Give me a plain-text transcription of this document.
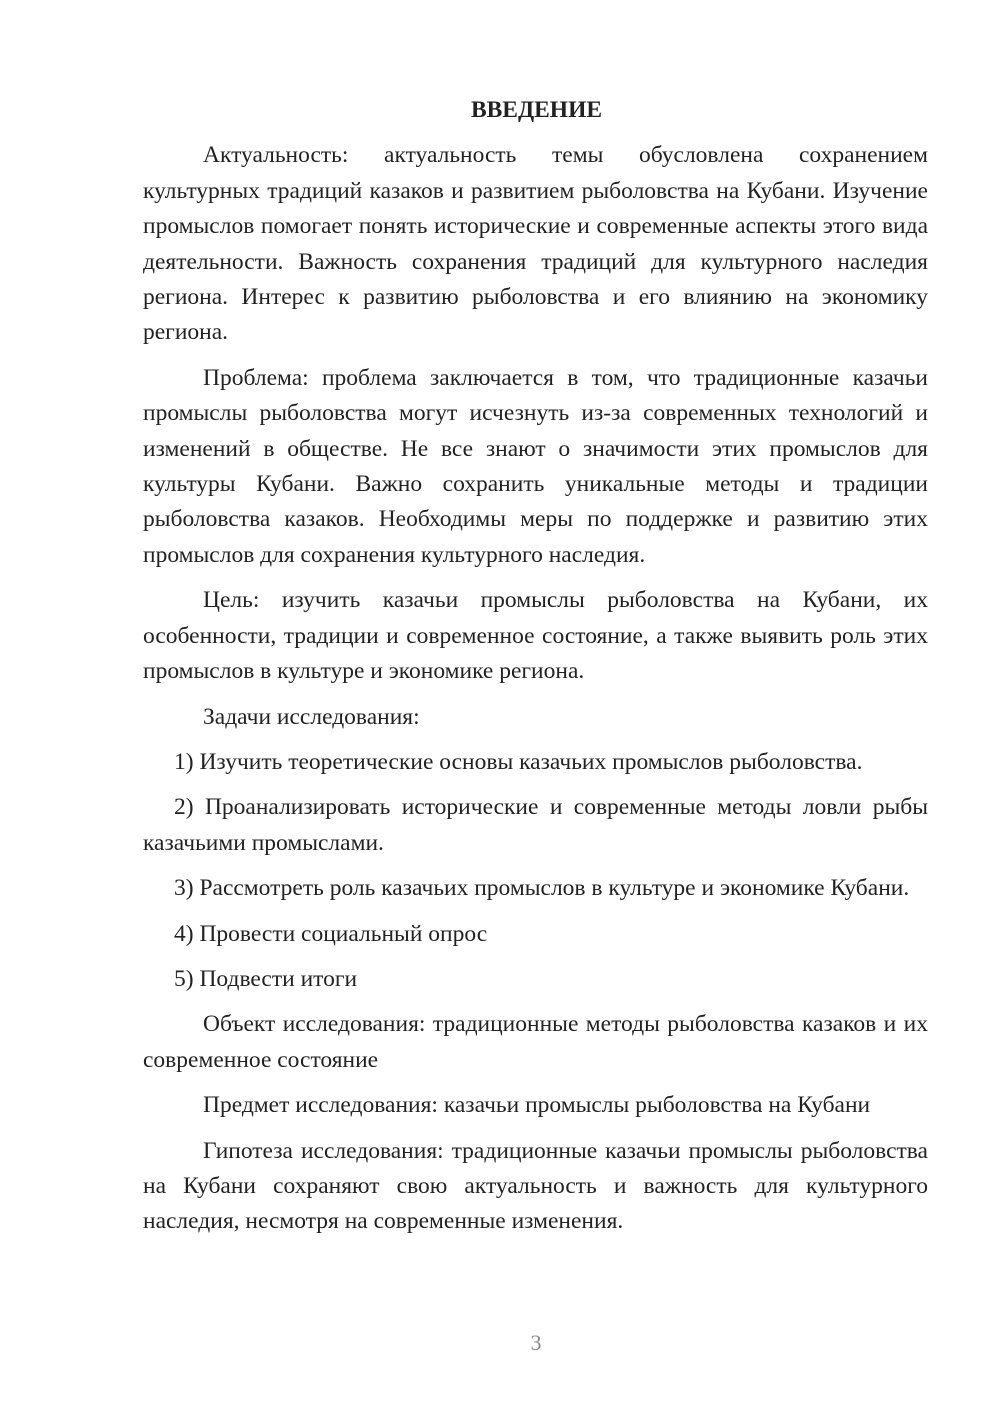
ВВЕДЕНИЕ

Актуальность: актуальность темы обусловлена сохранением культурных традиций казаков и развитием рыболовства на Кубани. Изучение промыслов помогает понять исторические и современные аспекты этого вида деятельности. Важность сохранения традиций для культурного наследия региона. Интерес к развитию рыболовства и его влиянию на экономику региона.

Проблема: проблема заключается в том, что традиционные казачьи промыслы рыболовства могут исчезнуть из-за современных технологий и изменений в обществе. Не все знают о значимости этих промыслов для культуры Кубани. Важно сохранить уникальные методы и традиции рыболовства казаков. Необходимы меры по поддержке и развитию этих промыслов для сохранения культурного наследия.

Цель: изучить казачьи промыслы рыболовства на Кубани, их особенности, традиции и современное состояние, а также выявить роль этих промыслов в культуре и экономике региона.

Задачи исследования:

1) Изучить теоретические основы казачьих промыслов рыболовства.

2) Проанализировать исторические и современные методы ловли рыбы казачьими промыслами.

3) Рассмотреть роль казачьих промыслов в культуре и экономике Кубани.

4) Провести социальный опрос

5) Подвести итоги

Объект исследования: традиционные методы рыболовства казаков и их современное состояние

Предмет исследования: казачьи промыслы рыболовства на Кубани

Гипотеза исследования: традиционные казачьи промыслы рыболовства на Кубани сохраняют свою актуальность и важность для культурного наследия, несмотря на современные изменения.

3
